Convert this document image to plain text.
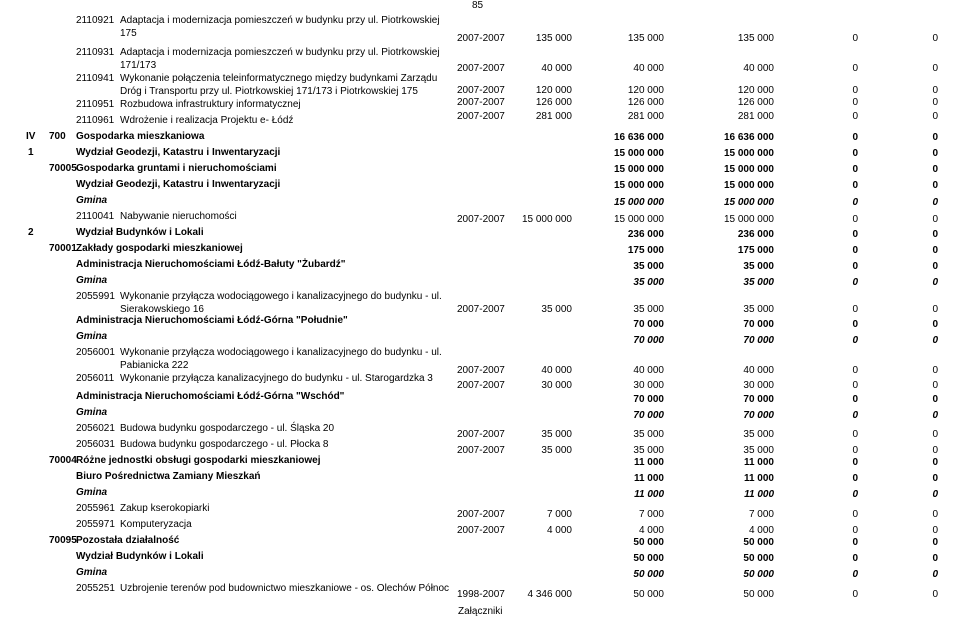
85
2110921 Adaptacja i modernizacja pomieszczeń w budynku przy ul. Piotrkowskiej
175	2007-2007	135 000	135 000	135 000	0	0
2110931 Adaptacja i modernizacja pomieszczeń w budynku przy ul. Piotrkowskiej
171/173	2007-2007	40 000	40 000	40 000	0	0
2110941 Wykonanie połączenia teleinformatycznego między budynkami Zarządu
Dróg i Transportu przy ul. Piotrkowskiej 171/173 i Piotrkowskiej 175	2007-2007	120 000	120 000	120 000	0	0
2110951 Rozbudowa infrastruktury informatycznej	2007-2007	126 000	126 000	126 000	0	0
2110961 Wdrożenie i realizacja Projektu e- Łódź	2007-2007	281 000	281 000	281 000	0	0
IV 700 Gospodarka mieszkaniowa	16 636 000	16 636 000	0	0
1	Wydział Geodezji, Katastru i Inwentaryzacji	15 000 000	15 000 000	0	0
70005 Gospodarka gruntami i nieruchomościami	15 000 000	15 000 000	0	0
Wydział Geodezji, Katastru i Inwentaryzacji	15 000 000	15 000 000	0	0
Gmina	15 000 000	15 000 000	0	0
2110041 Nabywanie nieruchomości	2007-2007 15 000 000	15 000 000	15 000 000	0	0
2	Wydział Budynków i Lokali	236 000	236 000	0	0
70001 Zakłady gospodarki mieszkaniowej	175 000	175 000	0	0
Administracja Nieruchomościami Łódź-Bałuty "Żubardź"	35 000	35 000	0	0
Gmina	35 000	35 000	0	0
2055991 Wykonanie przyłącza wodociągowego i kanalizacyjnego do budynku - ul.
Sierakowskiego 16	2007-2007	35 000	35 000	35 000	0	0
Administracja Nieruchomościami Łódź-Górna "Południe"	70 000	70 000	0	0
Gmina	70 000	70 000	0	0
2056001 Wykonanie przyłącza wodociągowego i kanalizacyjnego do budynku - ul.
Pabianicka 222	2007-2007	40 000	40 000	40 000	0	0
2056011 Wykonanie przyłącza kanalizacyjnego do budynku - ul. Starogardzka 3
2007-2007	30 000	30 000	30 000	0	0
Administracja Nieruchomościami Łódź-Górna "Wschód"	70 000	70 000	0	0
Gmina	70 000	70 000	0	0
2056021 Budowa budynku gospodarczego - ul. Śląska 20
2007-2007	35 000	35 000	35 000	0	0
2056031 Budowa budynku gospodarczego - ul. Płocka 8
2007-2007	35 000	35 000	35 000	0	0
70004 Różne jednostki obsługi gospodarki mieszkaniowej	11 000	11 000	0	0
Biuro Pośrednictwa Zamiany Mieszkań	11 000	11 000	0	0
Gmina	11 000	11 000	0	0
2055961 Zakup kserokopiarki
2007-2007	7 000	7 000	7 000	0	0
2055971 Komputeryzacja
2007-2007	4 000	4 000	4 000	0	0
70095 Pozostała działalność	50 000	50 000	0	0
Wydział Budynków i Lokali	50 000	50 000	0	0
Gmina	50 000	50 000	0	0
2055251 Uzbrojenie terenów pod budownictwo mieszkaniowe - os. Olechów Północ
1998-2007 4 346 000	50 000	50 000	0	0
Załączniki
